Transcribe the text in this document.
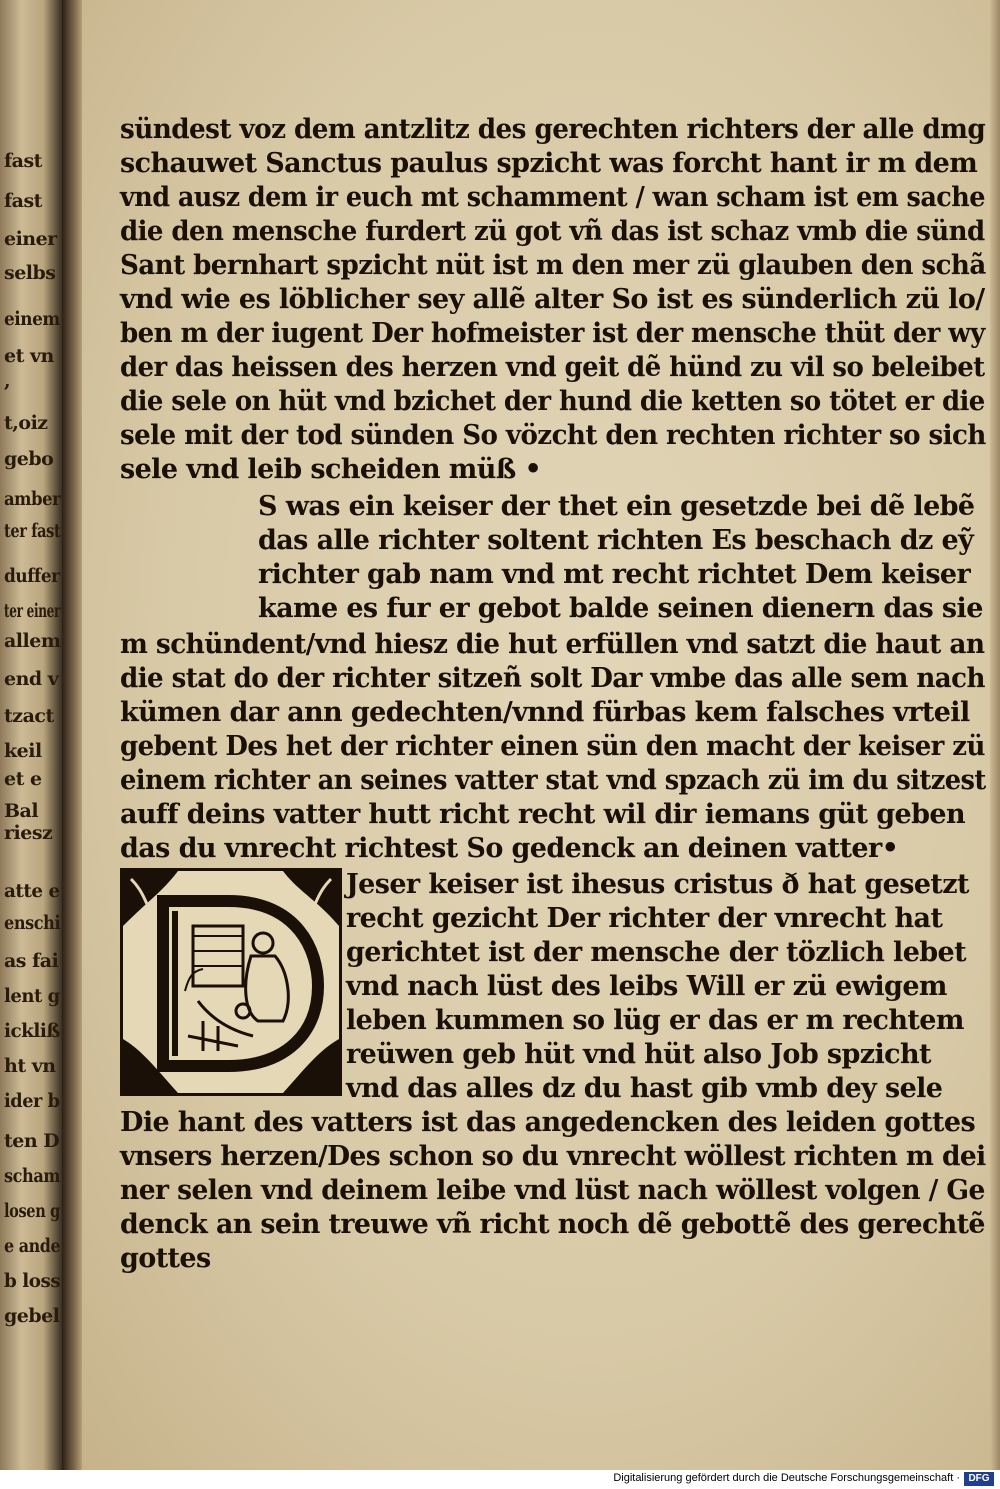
fast
fast
einer
selbs
einem
et vn
,
t,oiz
gebo
amber
ter fast
duffer
ter einer
allem
end v
tzact
keil
et e
Bal
riesz
atte e
enschi
as fai
lent g
ickliß
ht vn
ider b
ten D
scham
losen g
e ande
b loss
gebel
sündest voz dem antzlitz des gerechten richters der alle dmg
schauwet Sanctus paulus spzicht was forcht hant ir m dem
vnd ausz dem ir euch mt schamment / wan scham ist em sache
die den mensche furdert zü got vñ das ist schaz vmb die sünd
Sant bernhart spzicht nüt ist m den mer zü glauben den schã
vnd wie es löblicher sey allẽ alter So ist es sünderlich zü lo/
ben m der iugent Der hofmeister ist der mensche thüt der wy
der das heissen des herzen vnd geit dẽ hünd zu vil so beleibet
die sele on hüt vnd bzichet der hund die ketten so tötet er die
sele mit der tod sünden So vözcht den rechten richter so sich
sele vnd leib scheiden müß •
S was ein keiser der thet ein gesetzde bei dẽ lebẽ
das alle richter soltent richten Es beschach dz eỹ
richter gab nam vnd mt recht richtet Dem keiser
kame es fur er gebot balde seinen dienern das sie
m schündent/vnd hiesz die hut erfüllen vnd satzt die haut an
die stat do der richter sitzeñ solt Dar vmbe das alle sem nach
kümen dar ann gedechten/vnnd fürbas kem falsches vrteil
gebent Des het der richter einen sün den macht der keiser zü
einem richter an seines vatter stat vnd spzach zü im du sitzest
auff deins vatter hutt richt recht wil dir iemans güt geben
das du vnrecht richtest So gedenck an deinen vatter•
Jeser keiser ist ihesus cristus ð hat gesetzt
recht gezicht Der richter der vnrecht hat
gerichtet ist der mensche der tözlich lebet
vnd nach lüst des leibs Will er zü ewigem
leben kummen so lüg er das er m rechtem
reüwen geb hüt vnd hüt also Job spzicht
vnd das alles dz du hast gib vmb dey sele
Die hant des vatters ist das angedencken des leiden gottes
vnsers herzen/Des schon so du vnrecht wöllest richten m dei
ner selen vnd deinem leibe vnd lüst nach wöllest volgen / Ge
denck an sein treuwe vñ richt noch dẽ gebottẽ des gerechtẽ
gottes
Digitalisierung gefördert durch die Deutsche Forschungsgemeinschaft · DFG
